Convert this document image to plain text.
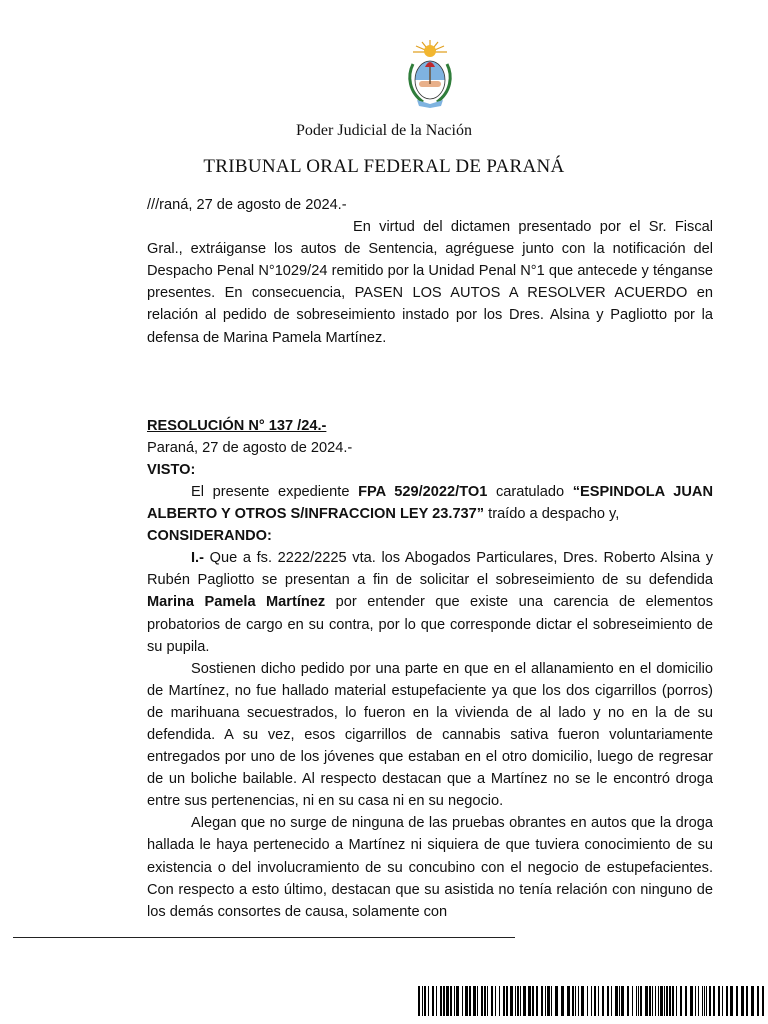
Poder Judicial de la Nación
TRIBUNAL ORAL FEDERAL DE PARANÁ

///raná, 27 de agosto de 2024.-

En virtud del dictamen presentado por el Sr. Fiscal Gral., extráiganse los autos de Sentencia, agréguese junto con la notificación del Despacho Penal N°1029/24 remitido por la Unidad Penal N°1 que antecede y ténganse presentes. En consecuencia, PASEN LOS AUTOS A RESOLVER ACUERDO en relación al pedido de sobreseimiento instado por los Dres. Alsina y Pagliotto por la defensa de Marina Pamela Martínez.

RESOLUCIÓN N° 137 /24.-

Paraná, 27 de agosto de 2024.-

VISTO:

El presente expediente FPA 529/2022/TO1 caratulado “ESPINDOLA JUAN ALBERTO Y OTROS S/INFRACCION LEY 23.737” traído a despacho y,

CONSIDERANDO:

I.- Que a fs. 2222/2225 vta. los Abogados Particulares, Dres. Roberto Alsina y Rubén Pagliotto se presentan a fin de solicitar el sobreseimiento de su defendida Marina Pamela Martínez por entender que existe una carencia de elementos probatorios de cargo en su contra, por lo que corresponde dictar el sobreseimiento de su pupila.

Sostienen dicho pedido por una parte en que en el allanamiento en el domicilio de Martínez, no fue hallado material estupefaciente ya que los dos cigarrillos (porros) de marihuana secuestrados, lo fueron en la vivienda de al lado y no en la de su defendida. A su vez, esos cigarrillos de cannabis sativa fueron voluntariamente entregados por uno de los jóvenes que estaban en el otro domicilio, luego de regresar de un boliche bailable. Al respecto destacan que a Martínez no se le encontró droga entre sus pertenencias, ni en su casa ni en su negocio.

Alegan que no surge de ninguna de las pruebas obrantes en autos que la droga hallada le haya pertenecido a Martínez ni siquiera de que tuviera conocimiento de su existencia o del involucramiento de su concubino con el negocio de estupefacientes. Con respecto a esto último, destacan que su asistida no tenía relación con ninguno de los demás consortes de causa, solamente con
